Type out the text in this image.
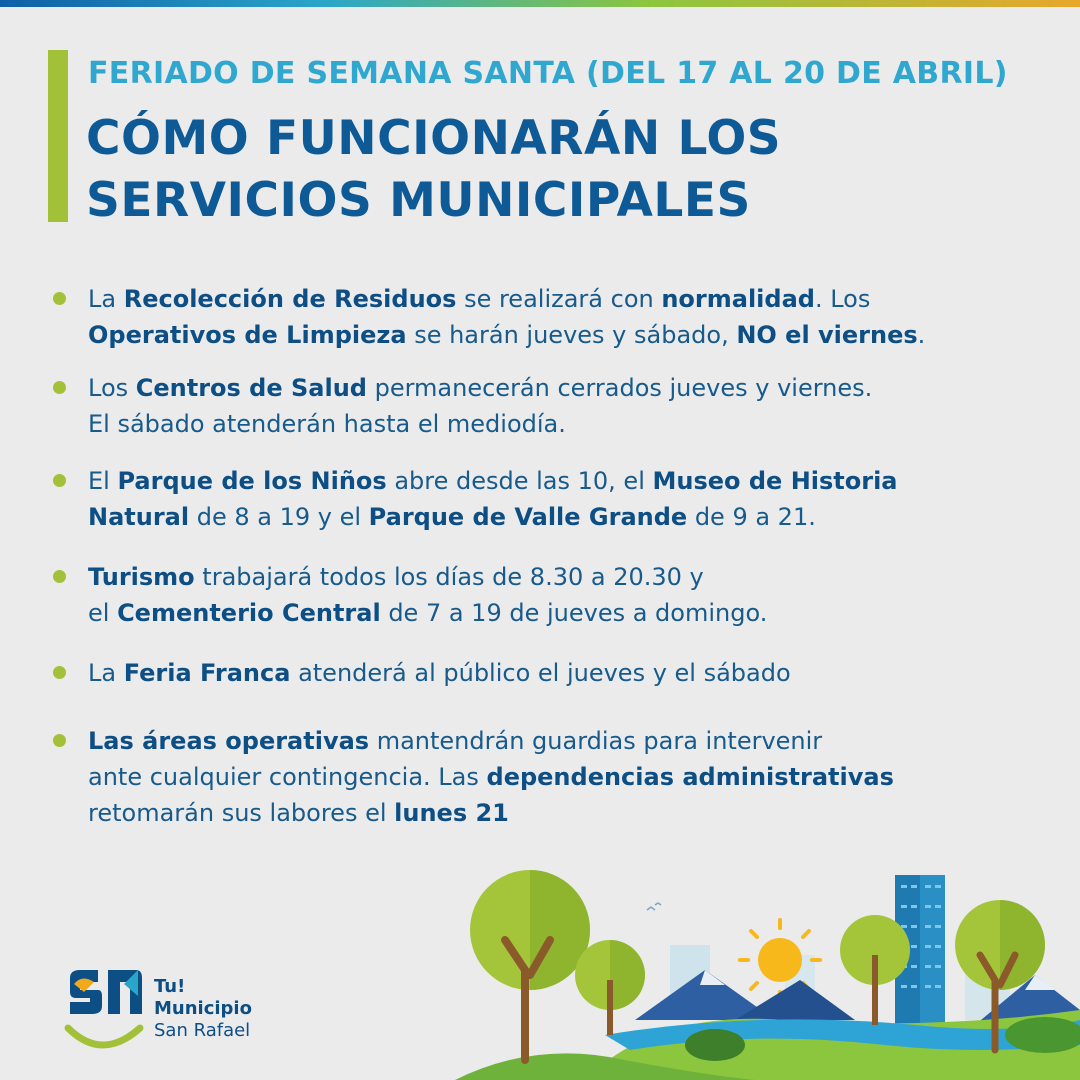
FERIADO DE SEMANA SANTA (DEL 17 AL 20 DE ABRIL)
CÓMO FUNCIONARÁN LOS
SERVICIOS MUNICIPALES
La Recolección de Residuos se realizará con normalidad. Los
Operativos de Limpieza se harán jueves y sábado, NO el viernes.
Los Centros de Salud permanecerán cerrados jueves y viernes.
El sábado atenderán hasta el mediodía.
El Parque de los Niños abre desde las 10, el Museo de Historia
Natural de 8 a 19 y el Parque de Valle Grande de 9 a 21.
Turismo trabajará todos los días de 8.30 a 20.30 y
el Cementerio Central de 7 a 19 de jueves a domingo.
La Feria Franca atenderá al público el jueves y el sábado
Las áreas operativas mantendrán guardias para intervenir
ante cualquier contingencia. Las dependencias administrativas
retomarán sus labores el lunes 21
Tu!
Municipio
San Rafael
